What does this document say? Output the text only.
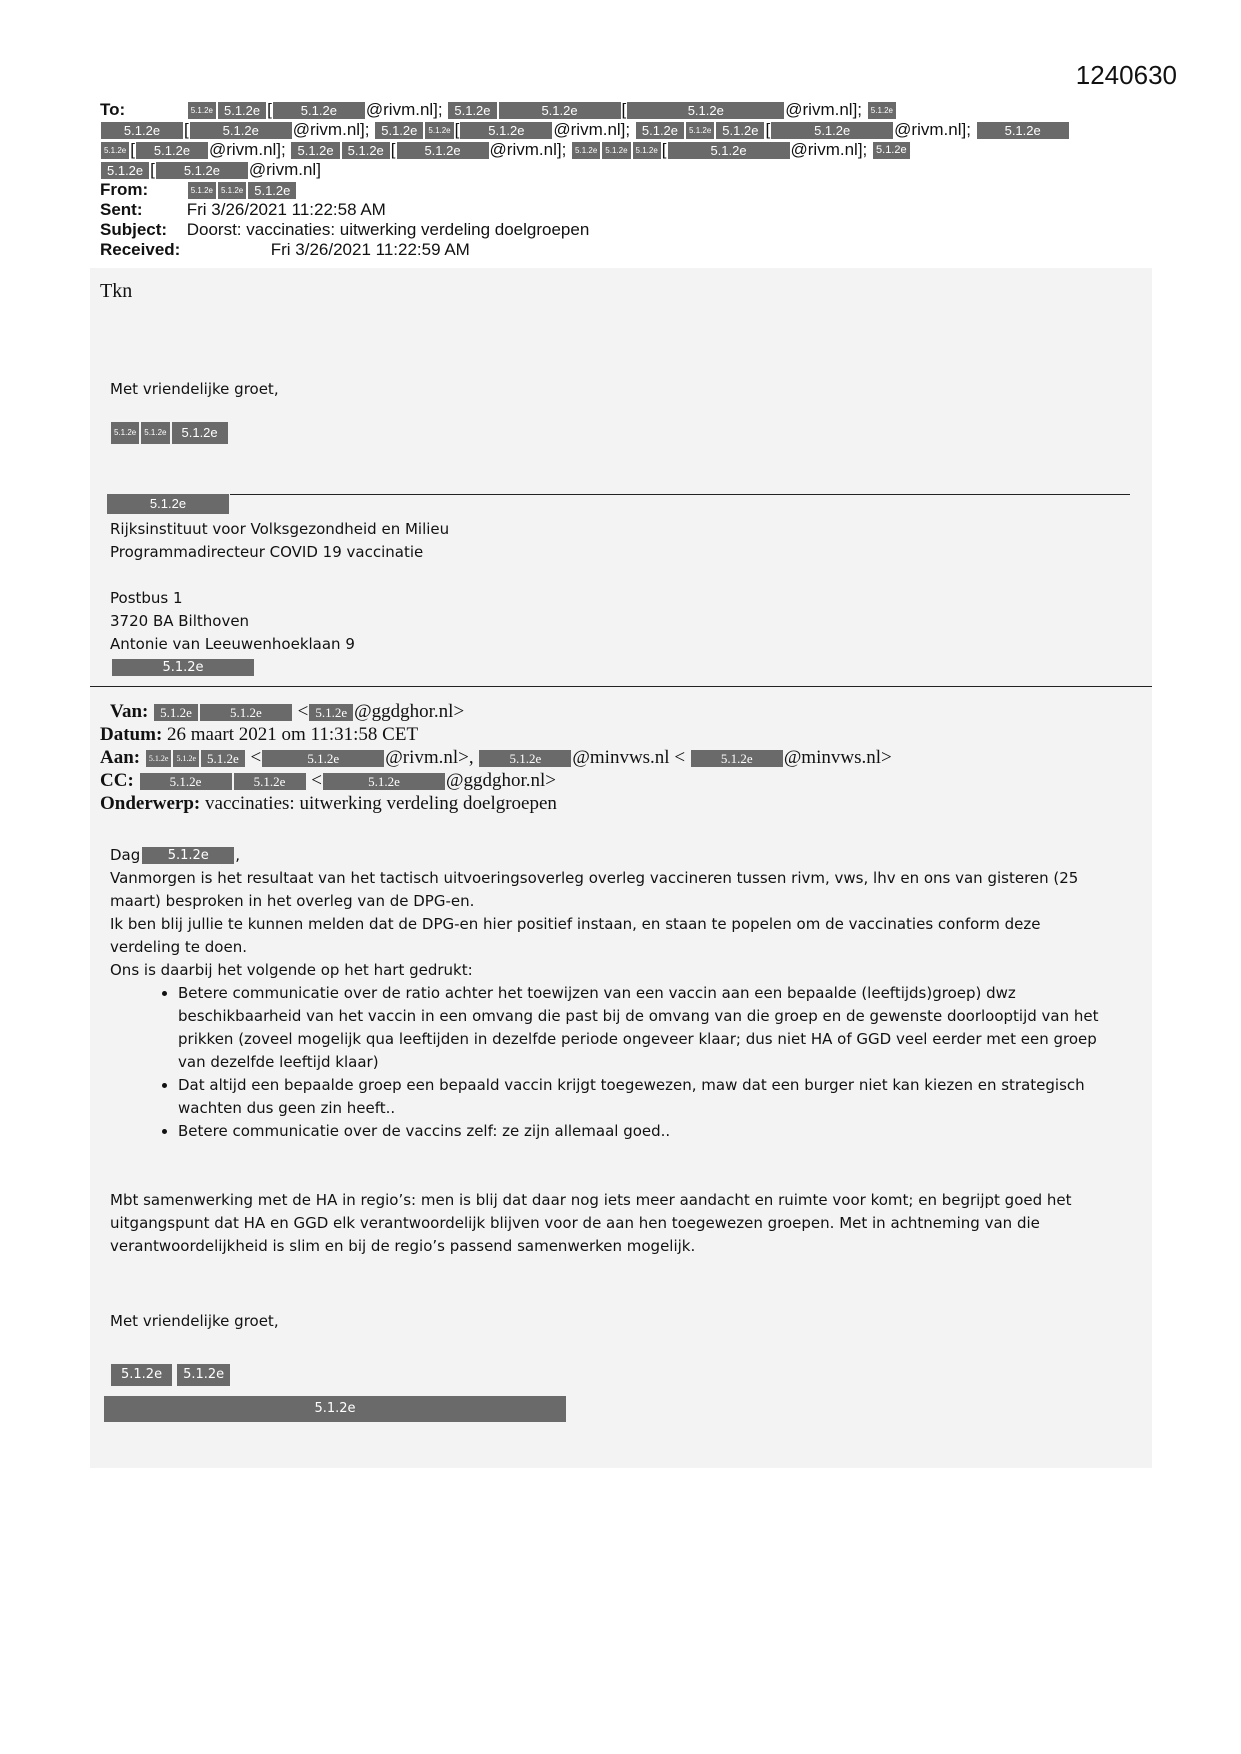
1240630
To:	5.1.2e 5.1.2e [ 5.1.2e @rivm.nl]; 5.1.2e	5.1.2e	[	5.1.2e	@rivm.nl]; 5.1.2e
5.1.2e [	5.1.2e @rivm.nl]; 5.1.2e 5.1.2e [ 5.1.2e @rivm.nl]; 5.1.2e 5.1.2e 5.1.2e [	5.1.2e	@rivm.nl];	5.1.2e
5.1.2e [ 5.1.2e @rivm.nl]; 5.1.2e 5.1.2e [ 5.1.2e @rivm.nl]; 5.1.2e 5.1.2e 5.1.2e [	5.1.2e	@rivm.nl]; 5.1.2e
5.1.2e [ 5.1.2e @rivm.nl]
From:	5.1.2e 5.1.2e 5.1.2e
Sent:	Fri 3/26/2021 11:22:58 AM
Subject: Doorst: vaccinaties: uitwerking verdeling doelgroepen
Received:	Fri 3/26/2021 11:22:59 AM
Tkn
Met vriendelijke groet,
5.1.2e 5.1.2e 5.1.2e
5.1.2e
Rijksinstituut voor Volksgezondheid en Milieu
Programmadirecteur COVID 19 vaccinatie
Postbus 1
3720 BA Bilthoven
Antonie van Leeuwenhoeklaan 9
5.1.2e
Van: 5.1.2e	5.1.2e < 5.1.2e @ggdghor.nl>
Datum: 26 maart 2021 om 11:31:58 CET
Aan: 5.1.2e 5.1.2e 5.1.2e <	5.1.2e @rivm.nl>,	5.1.2e @minvws.nl <	5.1.2e @minvws.nl>
CC:	5.1.2e	5.1.2e <	5.1.2e @ggdghor.nl>
Onderwerp: vaccinaties: uitwerking verdeling doelgroepen
Dag 5.1.2e ,
Vanmorgen is het resultaat van het tactisch uitvoeringsoverleg overleg vaccineren tussen rivm, vws, lhv en ons van gisteren (25
maart) besproken in het overleg van de DPG-en.
Ik ben blij jullie te kunnen melden dat de DPG-en hier positief instaan, en staan te popelen om de vaccinaties conform deze
verdeling te doen.
Ons is daarbij het volgende op het hart gedrukt:
• Betere communicatie over de ratio achter het toewijzen van een vaccin aan een bepaalde (leeftijds)groep) dwz
beschikbaarheid van het vaccin in een omvang die past bij de omvang van die groep en de gewenste doorlooptijd van het
prikken (zoveel mogelijk qua leeftijden in dezelfde periode ongeveer klaar; dus niet HA of GGD veel eerder met een groep
van dezelfde leeftijd klaar)
• Dat altijd een bepaalde groep een bepaald vaccin krijgt toegewezen, maw dat een burger niet kan kiezen en strategisch
wachten dus geen zin heeft..
• Betere communicatie over de vaccins zelf: ze zijn allemaal goed..
Mbt samenwerking met de HA in regio’s: men is blij dat daar nog iets meer aandacht en ruimte voor komt; en begrijpt goed het
uitgangspunt dat HA en GGD elk verantwoordelijk blijven voor de aan hen toegewezen groepen. Met in achtneming van die
verantwoordelijkheid is slim en bij de regio’s passend samenwerken mogelijk.
Met vriendelijke groet,
5.1.2e 5.1.2e
5.1.2e
